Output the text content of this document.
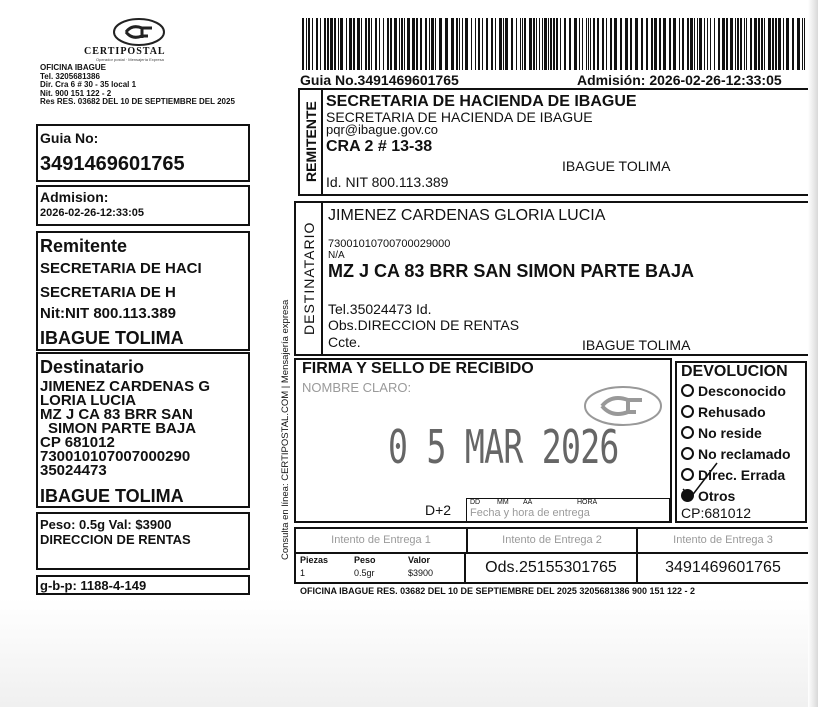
CERTIPOSTAL
Operador postal · Mensajería Expresa
OFICINA IBAGUE
Tel. 3205681386
Dir. Cra 6 # 30 - 35 local 1
Nit. 900 151 122 - 2
Res RES. 03682 DEL 10 DE SEPTIEMBRE DEL 2025
Guia No:
3491469601765
Admision:
2026-02-26-12:33:05
Remitente
SECRETARIA DE HACI
SECRETARIA DE H
Nit:NIT 800.113.389
IBAGUE TOLIMA
Destinatario
JIMENEZ CARDENAS G
LORIA LUCIA
MZ J CA 83 BRR SAN
SIMON PARTE BAJA
CP 681012
730010107007000290
35024473
IBAGUE TOLIMA
Peso: 0.5g Val: $3900
DIRECCION DE RENTAS
g-b-p: 1188-4-149
Guia No.3491469601765	Admisión: 2026-02-26-12:33:05
REMITENTE
SECRETARIA DE HACIENDA DE IBAGUE
SECRETARIA DE HACIENDA DE IBAGUE
pqr@ibague.gov.co
CRA 2 # 13-38
IBAGUE TOLIMA
Id. NIT 800.113.389
DESTINATARIO
JIMENEZ CARDENAS GLORIA LUCIA
73001010700700029000
N/A
MZ J CA 83 BRR SAN SIMON PARTE BAJA
Tel.35024473 Id.
Obs.DIRECCION DE RENTAS
Ccte.	IBAGUE TOLIMA
Consulta en línea: CERTIPOSTAL.COM | Mensajería expresa FIRMA Y SELLO DE RECIBIDO
NOMBRE CLARO:
0 5 MAR 2026
D+2	DD MM AA	HORA
Fecha y hora de entrega
DEVOLUCION
Desconocido
Rehusado
No reside
No reclamado
Direc. Errada
Otros
CP:681012
Intento de Entrega 1	Intento de Entrega 2	Intento de Entrega 3
Piezas
1
Peso
0.5gr
Valor
$3900	Ods.25155301765	3491469601765
OFICINA IBAGUE RES. 03682 DEL 10 DE SEPTIEMBRE DEL 2025 3205681386 900 151 122 - 2
